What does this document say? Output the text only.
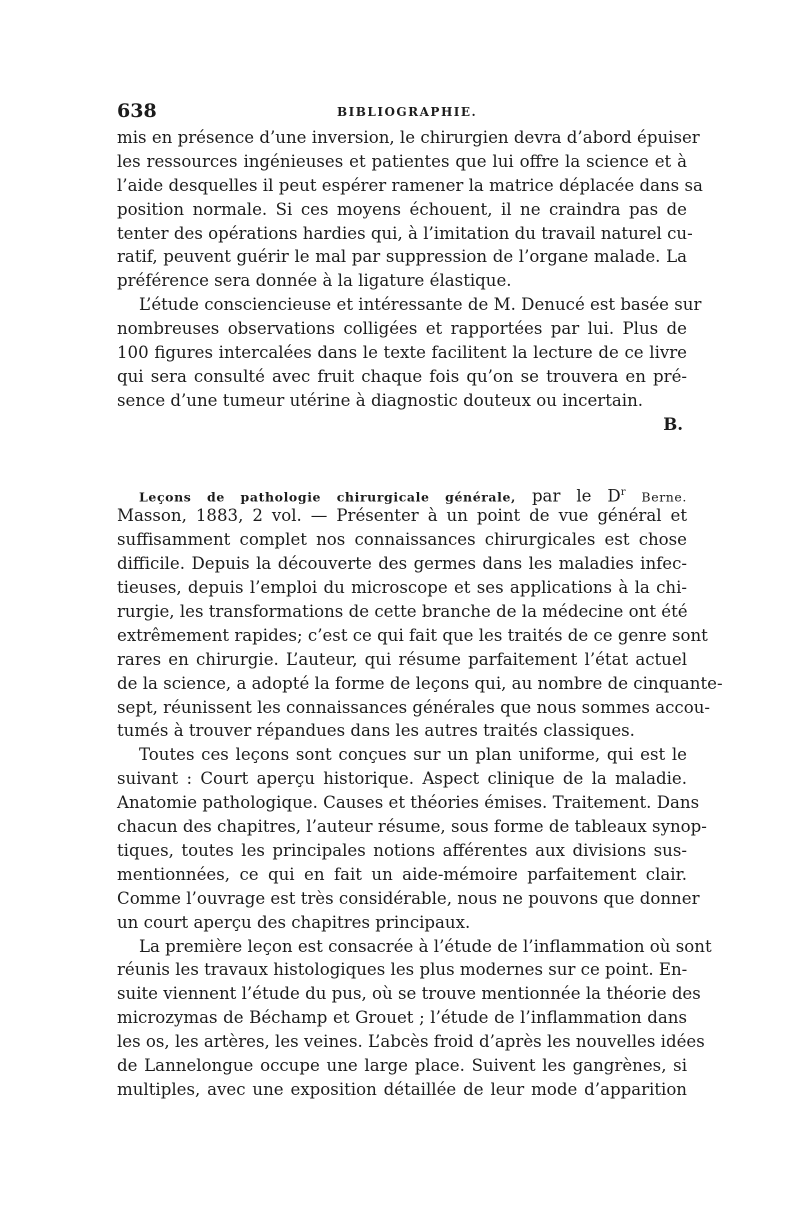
638	BIBLIOGRAPHIE.
mis en présence d’une inversion, le chirurgien devra d’abord épuiser
les ressources ingénieuses et patientes que lui offre la science et à
l’aide desquelles il peut espérer ramener la matrice déplacée dans sa
position normale. Si ces moyens échouent, il ne craindra pas de
tenter des opérations hardies qui, à l’imitation du travail naturel cu-
ratif, peuvent guérir le mal par suppression de l’organe malade. La
préférence sera donnée à la ligature élastique.
L’étude consciencieuse et intéressante de M. Denucé est basée sur
nombreuses observations colligées et rapportées par lui. Plus de
100 figures intercalées dans le texte facilitent la lecture de ce livre
qui sera consulté avec fruit chaque fois qu’on se trouvera en pré-
sence d’une tumeur utérine à diagnostic douteux ou incertain.
B.
Leçons de pathologie chirurgicale générale, par le $D^r$ Berne.
Masson, 1883, 2 vol. — Présenter à un point de vue général et
suffisamment complet nos connaissances chirurgicales est chose
difficile. Depuis la découverte des germes dans les maladies infec-
tieuses, depuis l’emploi du microscope et ses applications à la chi-
rurgie, les transformations de cette branche de la médecine ont été
extrêmement rapides; c’est ce qui fait que les traités de ce genre sont
rares en chirurgie. L’auteur, qui résume parfaitement l’état actuel
de la science, a adopté la forme de leçons qui, au nombre de cinquante-
sept, réunissent les connaissances générales que nous sommes accou-
tumés à trouver répandues dans les autres traités classiques.
Toutes ces leçons sont conçues sur un plan uniforme, qui est le
suivant : Court aperçu historique. Aspect clinique de la maladie.
Anatomie pathologique. Causes et théories émises. Traitement. Dans
chacun des chapitres, l’auteur résume, sous forme de tableaux synop-
tiques, toutes les principales notions afférentes aux divisions sus-
mentionnées, ce qui en fait un aide-mémoire parfaitement clair.
Comme l’ouvrage est très considérable, nous ne pouvons que donner
un court aperçu des chapitres principaux.
La première leçon est consacrée à l’étude de l’inflammation où sont
réunis les travaux histologiques les plus modernes sur ce point. En-
suite viennent l’étude du pus, où se trouve mentionnée la théorie des
microzymas de Béchamp et Grouet ; l’étude de l’inflammation dans
les os, les artères, les veines. L’abcès froid d’après les nouvelles idées
de Lannelongue occupe une large place. Suivent les gangrènes, si
multiples, avec une exposition détaillée de leur mode d’apparition
